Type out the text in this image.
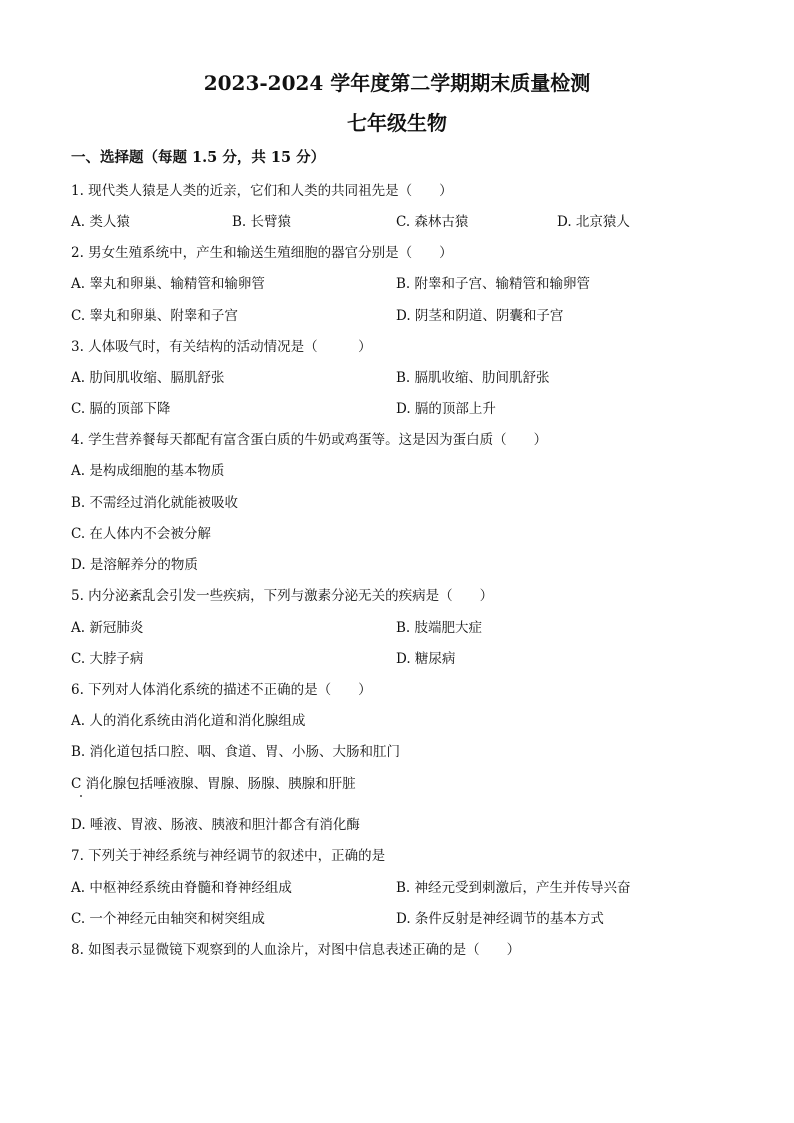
2023-2024 学年度第二学期期末质量检测
七年级生物
一、选择题（每题 1.5 分，共 15 分）
1. 现代类人猿是人类的近亲，它们和人类的共同祖先是（　　）
A. 类人猿	B. 长臂猿	C. 森林古猿	D. 北京猿人
2. 男女生殖系统中，产生和输送生殖细胞的器官分别是（　　）
A. 睾丸和卵巢、输精管和输卵管	B. 附睾和子宫、输精管和输卵管
C. 睾丸和卵巢、附睾和子宫	D. 阴茎和阴道、阴囊和子宫
3. 人体吸气时，有关结构的活动情况是（　　　）
A. 肋间肌收缩、膈肌舒张	B. 膈肌收缩、肋间肌舒张
C. 膈的顶部下降	D. 膈的顶部上升
4. 学生营养餐每天都配有富含蛋白质的牛奶或鸡蛋等。这是因为蛋白质（　　）
A. 是构成细胞的基本物质
B. 不需经过消化就能被吸收
C. 在人体内不会被分解
D. 是溶解养分的物质
5. 内分泌紊乱会引发一些疾病，下列与激素分泌无关的疾病是（　　）
A. 新冠肺炎	B. 肢端肥大症
C. 大脖子病	D. 糖尿病
6. 下列对人体消化系统的描述不正确的是（　　）
A. 人的消化系统由消化道和消化腺组成
B. 消化道包括口腔、咽、食道、胃、小肠、大肠和肛门
C 消化腺包括唾液腺、胃腺、肠腺、胰腺和肝脏
D. 唾液、胃液、肠液、胰液和胆汁都含有消化酶
7. 下列关于神经系统与神经调节的叙述中，正确的是
A. 中枢神经系统由脊髓和脊神经组成	B. 神经元受到刺激后，产生并传导兴奋
C. 一个神经元由轴突和树突组成	D. 条件反射是神经调节的基本方式
8. 如图表示显微镜下观察到的人血涂片，对图中信息表述正确的是（　　）
